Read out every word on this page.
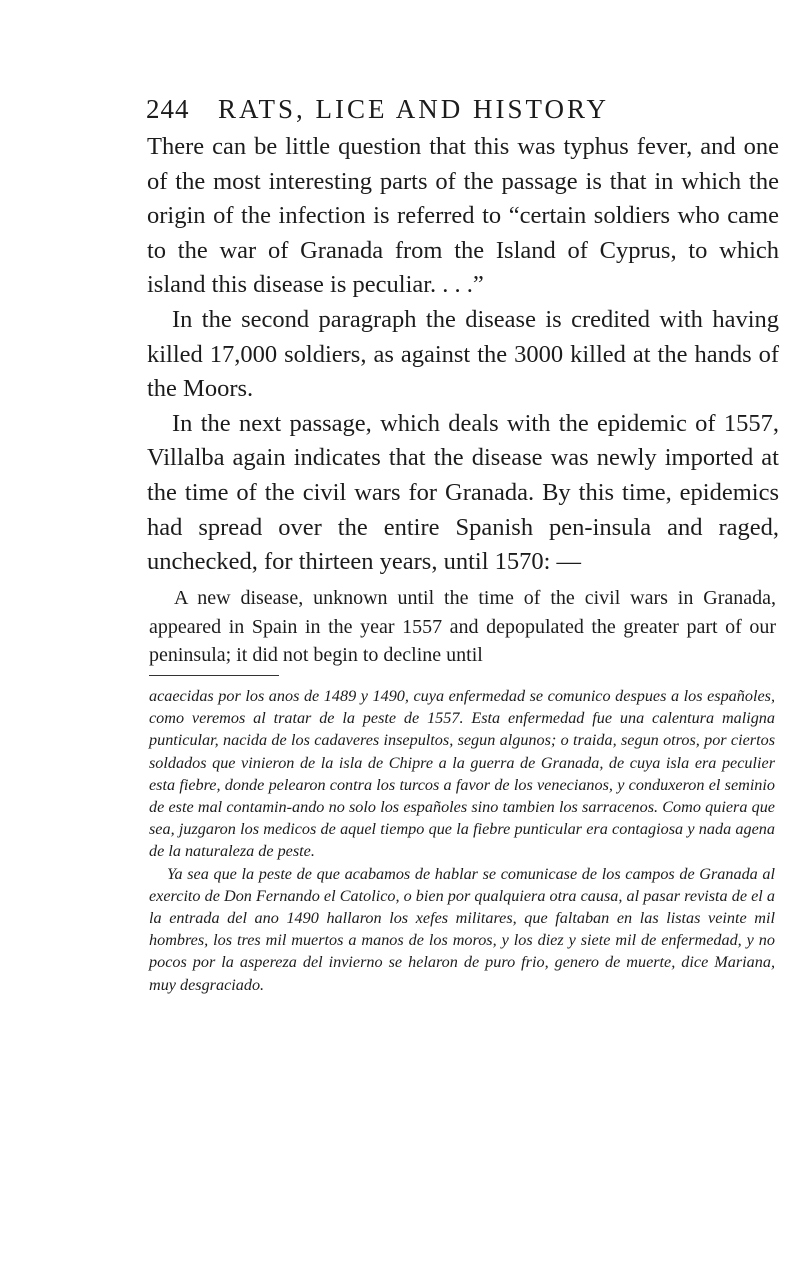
244 RATS, LICE AND HISTORY

There can be little question that this was typhus fever, and one of the most interesting parts of the passage is that in which the origin of the infection is referred to “certain soldiers who came to the war of Granada from the Island of Cyprus, to which island this disease is peculiar. . . .”

In the second paragraph the disease is credited with having killed 17,000 soldiers, as against the 3000 killed at the hands of the Moors.

In the next passage, which deals with the epidemic of 1557, Villalba again indicates that the disease was newly imported at the time of the civil wars for Granada. By this time, epidemics had spread over the entire Spanish pen-insula and raged, unchecked, for thirteen years, until 1570: —

A new disease, unknown until the time of the civil wars in Granada, appeared in Spain in the year 1557 and depopulated the greater part of our peninsula; it did not begin to decline until

acaecidas por los anos de 1489 y 1490, cuya enfermedad se comunico despues a los españoles, como veremos al tratar de la peste de 1557. Esta enfermedad fue una calentura maligna punticular, nacida de los cadaveres insepultos, segun algunos; o traida, segun otros, por ciertos soldados que vinieron de la isla de Chipre a la guerra de Granada, de cuya isla era peculier esta fiebre, donde pelearon contra los turcos a favor de los venecianos, y conduxeron el seminio de este mal contamin-ando no solo los españoles sino tambien los sarracenos. Como quiera que sea, juzgaron los medicos de aquel tiempo que la fiebre punticular era contagiosa y nada agena de la naturaleza de peste.

Ya sea que la peste de que acabamos de hablar se comunicase de los campos de Granada al exercito de Don Fernando el Catolico, o bien por qualquiera otra causa, al pasar revista de el a la entrada del ano 1490 hallaron los xefes militares, que faltaban en las listas veinte mil hombres, los tres mil muertos a manos de los moros, y los diez y siete mil de enfermedad, y no pocos por la aspereza del invierno se helaron de puro frio, genero de muerte, dice Mariana, muy desgraciado.
